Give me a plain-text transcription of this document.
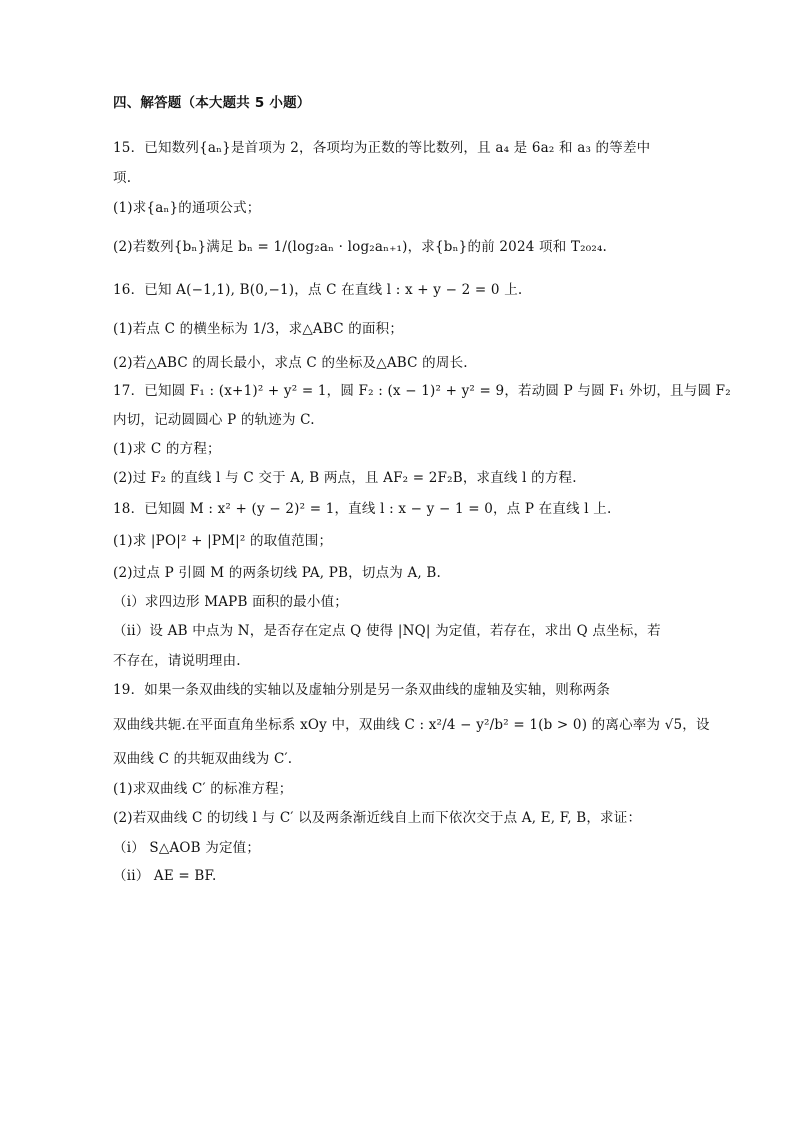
四、解答题（本大题共 5 小题）
15．已知数列{aₙ}是首项为 2，各项均为正数的等比数列，且 a₄ 是 6a₂ 和 a₃ 的等差中
项.
(1)求{aₙ}的通项公式；
(2)若数列{bₙ}满足 bₙ = 1/(log₂aₙ · log₂aₙ₊₁)，求{bₙ}的前 2024 项和 T₂₀₂₄.
16．已知 A(−1,1), B(0,−1)，点 C 在直线 l : x + y − 2 = 0 上.
(1)若点 C 的横坐标为 1/3，求△ABC 的面积；
(2)若△ABC 的周长最小，求点 C 的坐标及△ABC 的周长.
17．已知圆 F₁ : (x+1)² + y² = 1，圆 F₂ : (x − 1)² + y² = 9，若动圆 P 与圆 F₁ 外切，且与圆 F₂
内切，记动圆圆心 P 的轨迹为 C.
(1)求 C 的方程；
(2)过 F₂ 的直线 l 与 C 交于 A, B 两点，且 AF₂ = 2F₂B，求直线 l 的方程.
18．已知圆 M : x² + (y − 2)² = 1，直线 l : x − y − 1 = 0，点 P 在直线 l 上.
(1)求 |PO|² + |PM|² 的取值范围；
(2)过点 P 引圆 M 的两条切线 PA, PB，切点为 A, B.
（i）求四边形 MAPB 面积的最小值；
（ii）设 AB 中点为 N，是否存在定点 Q 使得 |NQ| 为定值，若存在，求出 Q 点坐标，若
不存在，请说明理由.
19．如果一条双曲线的实轴以及虚轴分别是另一条双曲线的虚轴及实轴，则称两条
双曲线共轭.在平面直角坐标系 xOy 中，双曲线 C : x²/4 − y²/b² = 1(b > 0) 的离心率为 √5，设
双曲线 C 的共轭双曲线为 C′.
(1)求双曲线 C′ 的标准方程；
(2)若双曲线 C 的切线 l 与 C′ 以及两条渐近线自上而下依次交于点 A, E, F, B，求证：
（i） S△AOB 为定值；
（ii） AE = BF.
